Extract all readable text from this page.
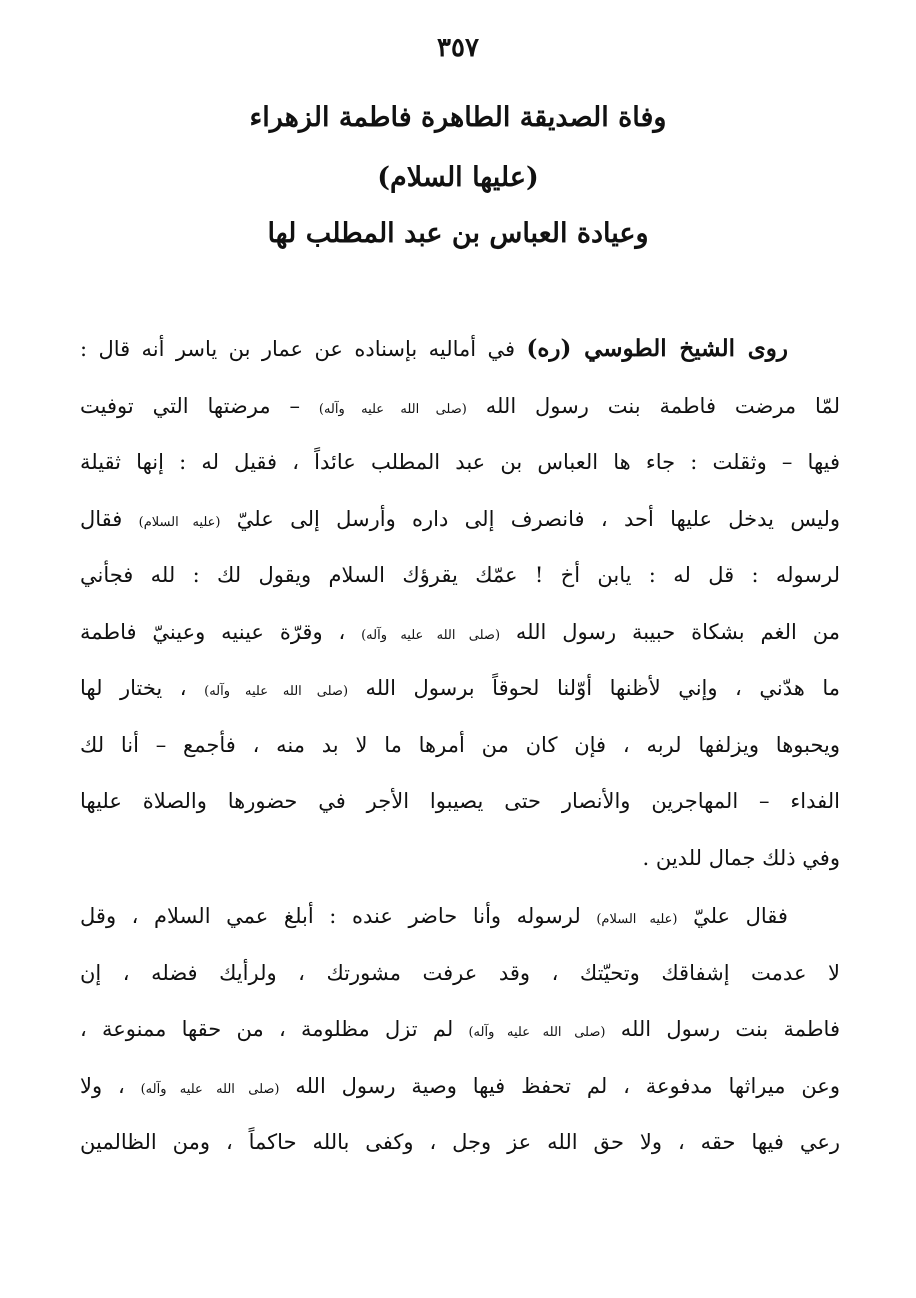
٣٥٧
وفاة الصديقة الطاهرة فاطمة الزهراء
(عليها السلام)
وعيادة العباس بن عبد المطلب لها
روى الشيخ الطوسي (ره) في أماليه بإسناده عن عمار بن ياسر أنه قال :
لمّا مرضت فاطمة بنت رسول الله (صلى الله عليه وآله) – مرضتها التي توفيت
فيها – وثقلت : جاء ها العباس بن عبد المطلب عائداً ، فقيل له : إنها ثقيلة
وليس يدخل عليها أحد ، فانصرف إلى داره وأرسل إلى عليّ (عليه السلام) فقال
لرسوله : قل له : يابن أخ ! عمّك يقرؤك السلام ويقول لك : لله فجأني
من الغم بشكاة حبيبة رسول الله (صلى الله عليه وآله) ، وقرّة عينيه وعينيّ فاطمة
ما هدّني ، وإني لأظنها أوّلنا لحوقاً برسول الله (صلى الله عليه وآله) ، يختار لها
ويحبوها ويزلفها لربه ، فإن كان من أمرها ما لا بد منه ، فأجمع – أنا لك
الفداء – المهاجرين والأنصار حتى يصيبوا الأجر في حضورها والصلاة عليها
وفي ذلك جمال للدين .
فقال عليّ (عليه السلام) لرسوله وأنا حاضر عنده : أبلغ عمي السلام ، وقل
لا عدمت إشفاقك وتحيّتك ، وقد عرفت مشورتك ، ولرأيك فضله ، إن
فاطمة بنت رسول الله (صلى الله عليه وآله) لم تزل مظلومة ، من حقها ممنوعة ،
وعن ميراثها مدفوعة ، لم تحفظ فيها وصية رسول الله (صلى الله عليه وآله) ، ولا
رعي فيها حقه ، ولا حق الله عز وجل ، وكفى بالله حاكماً ، ومن الظالمين
